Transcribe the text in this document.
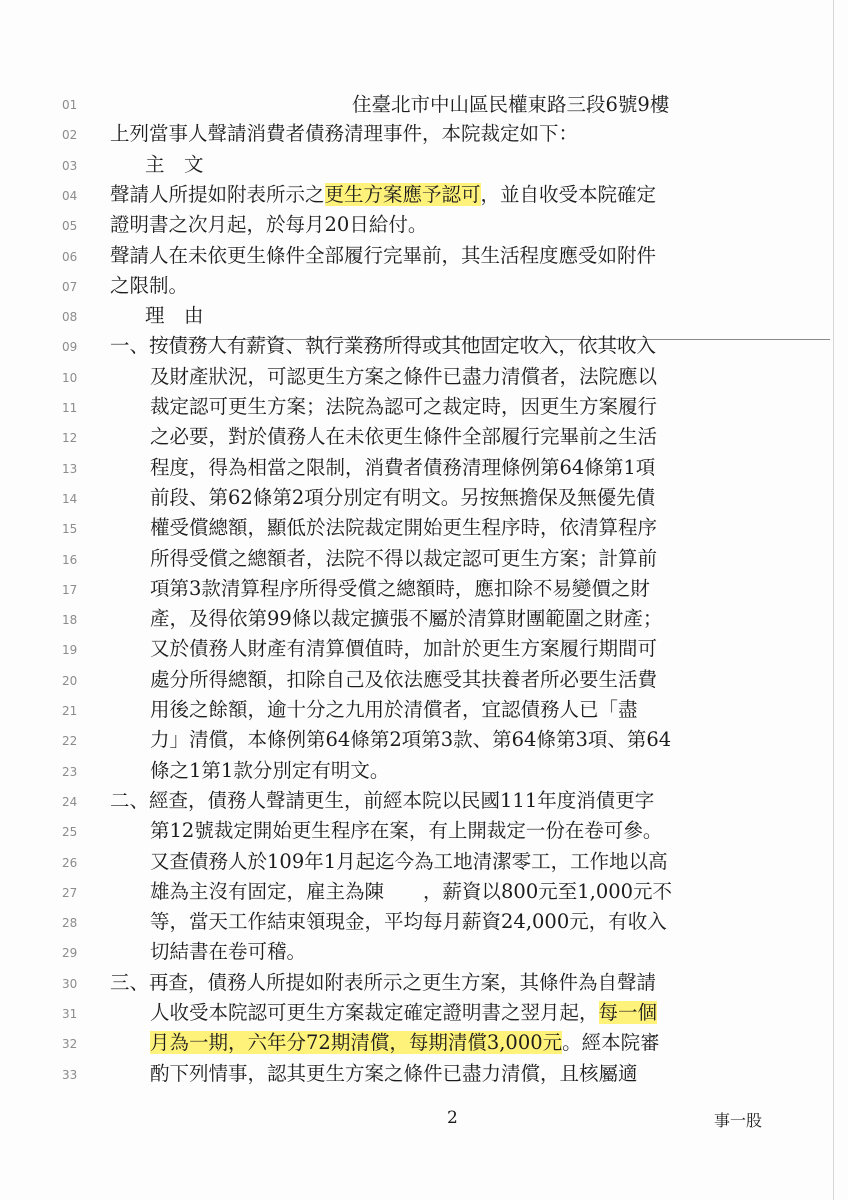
住臺北市中山區民權東路三段6號9樓
01
02	上列當事人聲請消費者債務清理事件，本院裁定如下：
03	主　文
04	聲請人所提如附表所示之更生方案應予認可，並自收受本院確定
05	證明書之次月起，於每月20日給付。
06	聲請人在未依更生條件全部履行完畢前，其生活程度應受如附件
07	之限制。
08	理　由
09	一、按債務人有薪資、執行業務所得或其他固定收入，依其收入
10	及財產狀況，可認更生方案之條件已盡力清償者，法院應以
11	裁定認可更生方案；法院為認可之裁定時，因更生方案履行
12	之必要，對於債務人在未依更生條件全部履行完畢前之生活
13	程度，得為相當之限制，消費者債務清理條例第64條第1項
14	前段、第62條第2項分別定有明文。另按無擔保及無優先債
15	權受償總額，顯低於法院裁定開始更生程序時，依清算程序
16	所得受償之總額者，法院不得以裁定認可更生方案；計算前
17	項第3款清算程序所得受償之總額時，應扣除不易變價之財
18	產，及得依第99條以裁定擴張不屬於清算財團範圍之財產；
19	又於債務人財產有清算價值時，加計於更生方案履行期間可
20	處分所得總額，扣除自己及依法應受其扶養者所必要生活費
21	用後之餘額，逾十分之九用於清償者，宜認債務人已「盡
22	力」清償，本條例第64條第2項第3款、第64條第3項、第64
23	條之1第1款分別定有明文。
24	二、經查，債務人聲請更生，前經本院以民國111年度消債更字
25	第12號裁定開始更生程序在案，有上開裁定一份在卷可參。
26	又查債務人於109年1月起迄今為工地清潔零工，工作地以高
27	雄為主沒有固定，雇主為陳　　，薪資以800元至1,000元不
28	等，當天工作結束領現金，平均每月薪資24,000元，有收入
29	切結書在卷可稽。
30	三、再查，債務人所提如附表所示之更生方案，其條件為自聲請
31	人收受本院認可更生方案裁定確定證明書之翌月起，每一個
32	月為一期，六年分72期清償，每期清償3,000元。經本院審
33	酌下列情事，認其更生方案之條件已盡力清償，且核屬適
2	事一股
